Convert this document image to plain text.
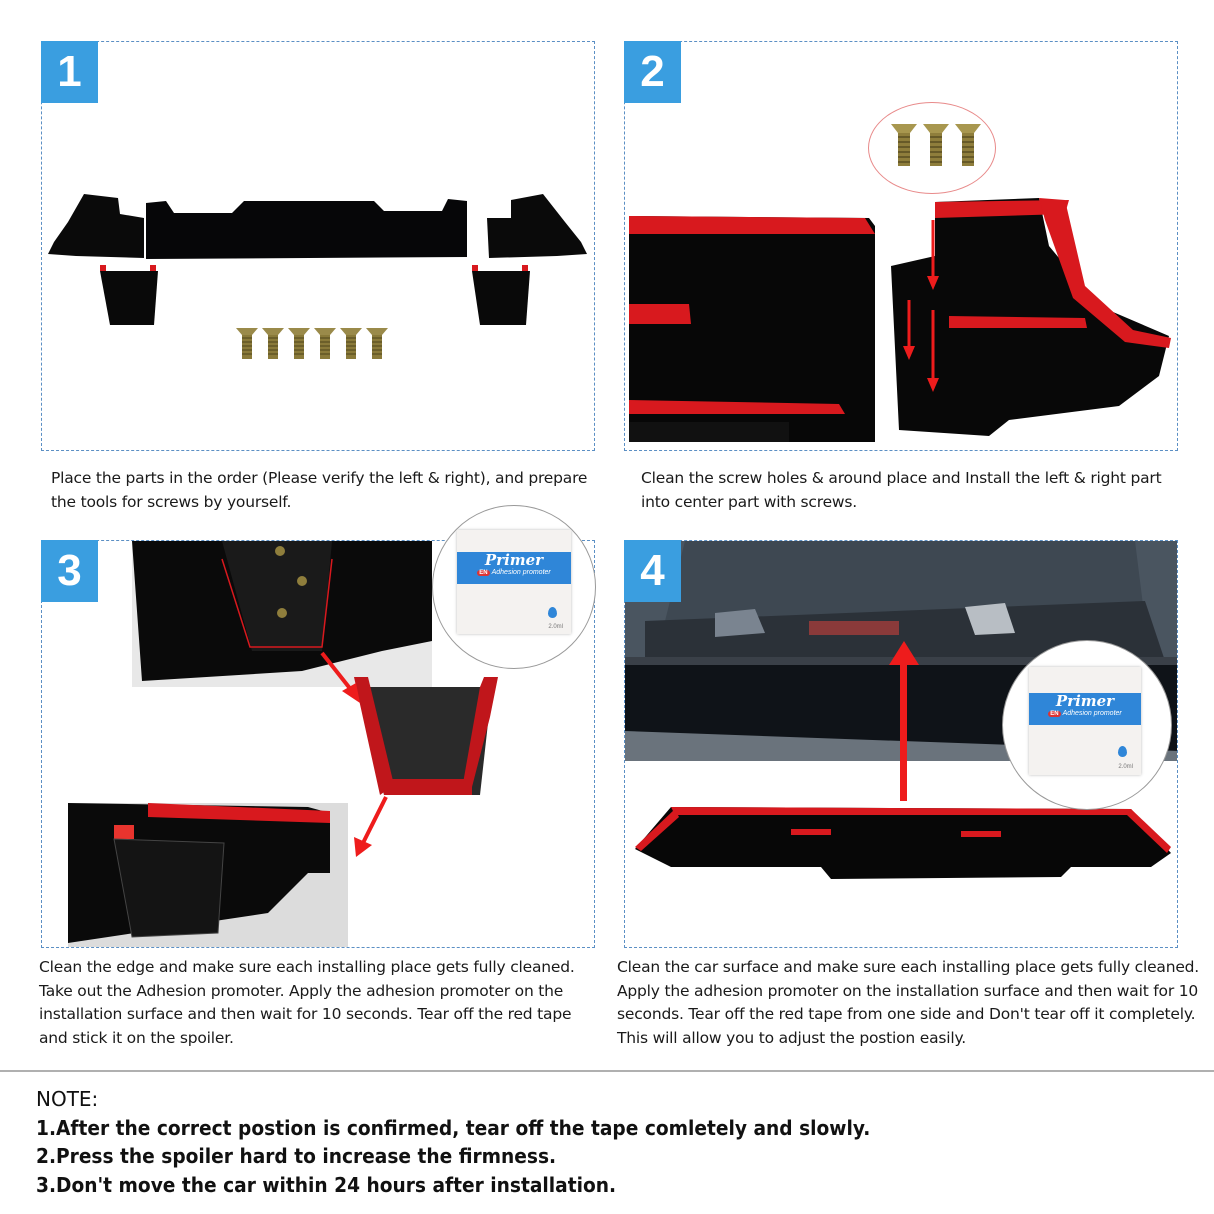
1
Place the parts in the order (Please verify the left & right), and prepare the tools for screws by yourself.
2
Clean the screw holes & around place and Install the left & right part into center part with screws.
3	Primer
EN Adhesion promoter
2.0ml
Clean the edge and make sure each installing place gets fully cleaned. Take out the Adhesion promoter. Apply the adhesion promoter on the installation surface and then wait for 10 seconds. Tear off the red tape and stick it on the spoiler.
4
Primer
EN Adhesion promoter
2.0ml
Clean the car surface and make sure each installing place gets fully cleaned. Apply the adhesion promoter on the installation surface and then wait for 10 seconds. Tear off the red tape from one side and Don't tear off it completely. This will allow you to adjust the postion easily.
NOTE:
1.After the correct postion is confirmed, tear off the tape comletely and slowly.
2.Press the spoiler hard to increase the firmness.
3.Don't move the car within 24 hours after installation.
